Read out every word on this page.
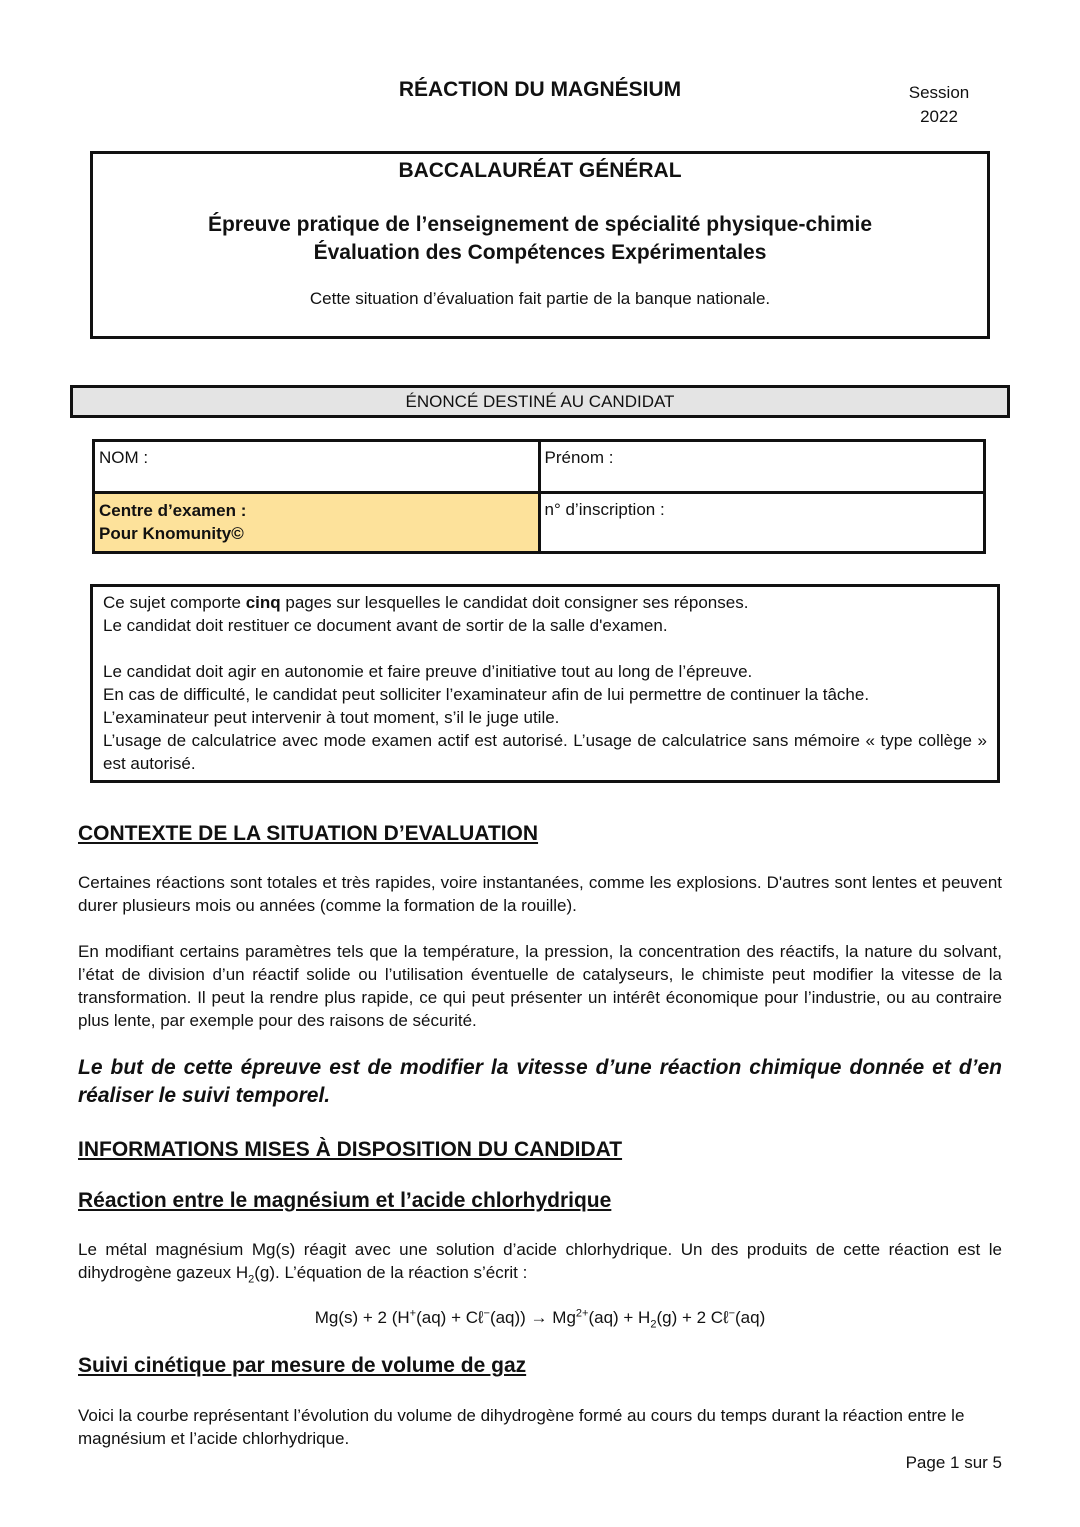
RÉACTION DU MAGNÉSIUM	Session
2022
BACCALAURÉAT GÉNÉRAL
Épreuve pratique de l’enseignement de spécialité physique-chimie
Évaluation des Compétences Expérimentales
Cette situation d’évaluation fait partie de la banque nationale.
ÉNONCÉ DESTINÉ AU CANDIDAT
NOM :	Prénom :

Centre d’examen :
Pour Knomunity©	n° d’inscription :

Ce sujet comporte cinq pages sur lesquelles le candidat doit consigner ses réponses.

Le candidat doit restituer ce document avant de sortir de la salle d'examen.

Le candidat doit agir en autonomie et faire preuve d’initiative tout au long de l’épreuve.

En cas de difficulté, le candidat peut solliciter l’examinateur afin de lui permettre de continuer la tâche.

L’examinateur peut intervenir à tout moment, s’il le juge utile.

L’usage de calculatrice avec mode examen actif est autorisé. L’usage de calculatrice sans mémoire « type collège » est autorisé.

CONTEXTE DE LA SITUATION D’EVALUATION
Certaines réactions sont totales et très rapides, voire instantanées, comme les explosions. D'autres sont lentes et peuvent durer plusieurs mois ou années (comme la formation de la rouille).
En modifiant certains paramètres tels que la température, la pression, la concentration des réactifs, la nature du solvant, l’état de division d’un réactif solide ou l’utilisation éventuelle de catalyseurs, le chimiste peut modifier la vitesse de la transformation. Il peut la rendre plus rapide, ce qui peut présenter un intérêt économique pour l’industrie, ou au contraire plus lente, par exemple pour des raisons de sécurité.
Le but de cette épreuve est de modifier la vitesse d’une réaction chimique donnée et d’en réaliser le suivi temporel.
INFORMATIONS MISES À DISPOSITION DU CANDIDAT
Réaction entre le magnésium et l’acide chlorhydrique
Le métal magnésium Mg(s) réagit avec une solution d’acide chlorhydrique. Un des produits de cette réaction est le dihydrogène gazeux $H_2(g)$. L’équation de la réaction s’écrit :
Mg(s) + 2 (H+(aq) + Cℓ−(aq)) → $Mg^{2+}(aq) + H_2(g) + 2$ Cℓ−(aq)
Suivi cinétique par mesure de volume de gaz
Voici la courbe représentant l’évolution du volume de dihydrogène formé au cours du temps durant la réaction entre le magnésium et l’acide chlorhydrique.
Page 1 sur 5
